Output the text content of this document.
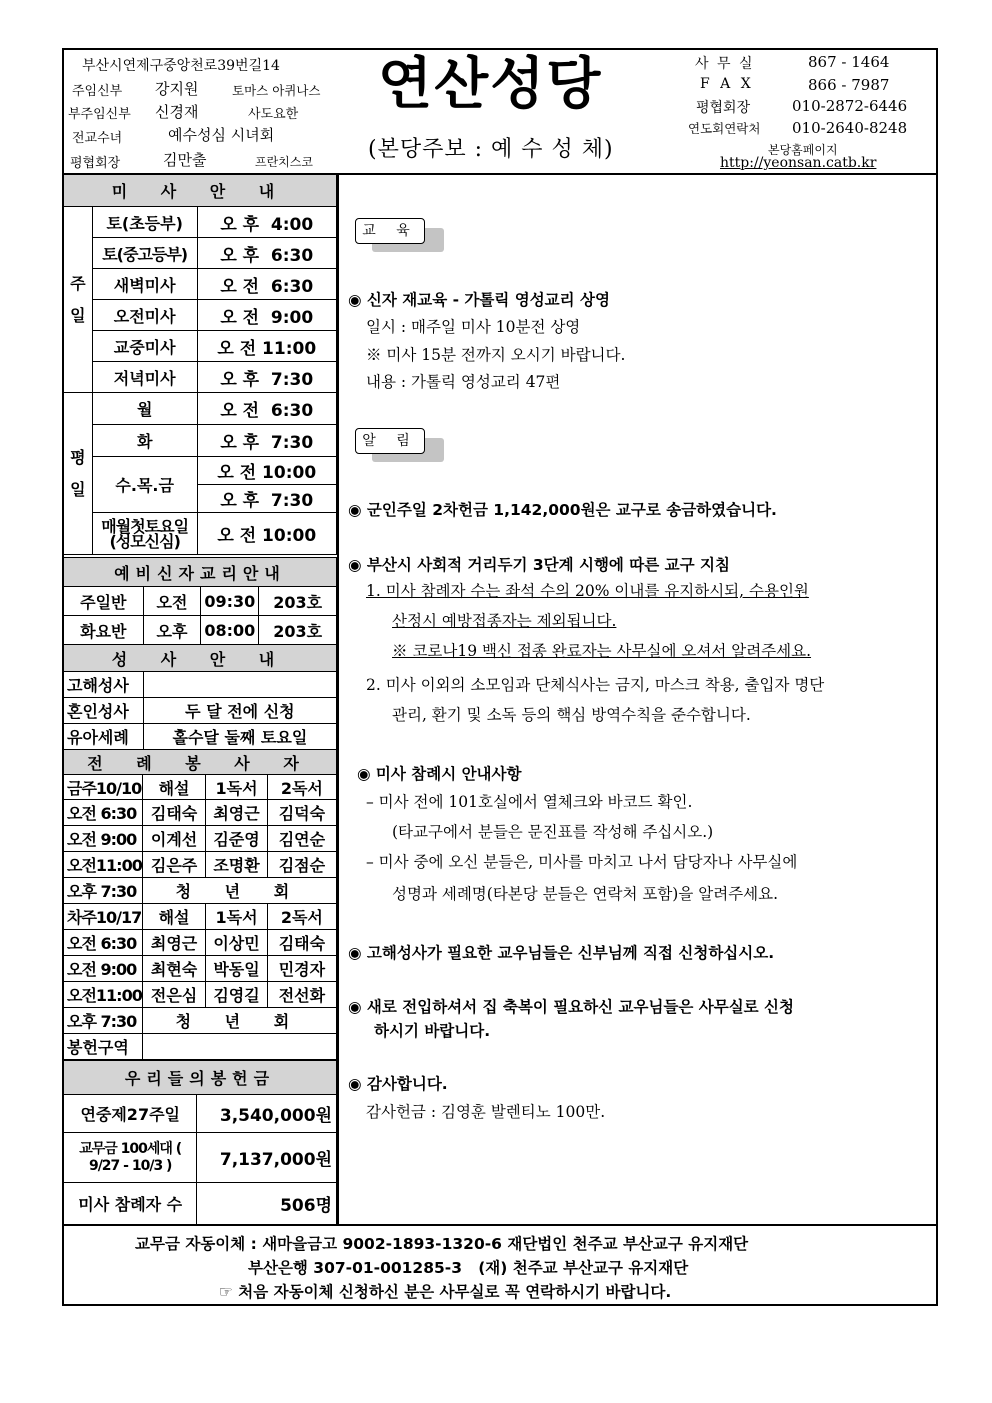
부산시연제구중앙천로39번길14
주임신부 강지원	토마스 아퀴나스
부주임신부 신경재	사도요한
전교수녀	예수성심 시녀회
평협회장	김만출	프란치스코
연산성당
(본당주보 : 예 수 성 체)
사 무 실	867 - 1464
F A X	866 - 7987
평협회장	010-2872-6446
연도회연락처 010-2640-8248
본당홈페이지
http://yeonsan.catb.kr
미 사 안 내		
주
일	토(초등부)	오 후  4:00
	토(중고등부)	오 후  6:30
	새벽미사	오 전  6:30
	오전미사	오 전  9:00
	교중미사	오 전 11:00
	저녁미사	오 후  7:30
평
일	월	오 전  6:30
	화	오 후  7:30
	수.목.금	오 전 10:00
		오 후  7:30
	매월첫토요일 (성모신심)	오 전 10:00
예비신자교리안내			
주일반	오전	09:30	203호
화요반	오후	08:00	203호
성 사 안 내	
고해성사	
혼인성사	두 달 전에 신청
유아세례	홀수달 둘째 토요일
전 례 봉 사 자			
금주10/10	해설	1독서	2독서
오전 6:30	김태숙	최영근	김덕숙
오전 9:00	이계선	김준영	김연순
오전11:00	김은주	조명환	김점순
오후 7:30	청 년 회		
차주10/17	해설	1독서	2독서
오전 6:30	최영근	이상민	김태숙
오전 9:00	최현숙	박동일	민경자
오전11:00	전은심	김영길	전선화
오후 7:30	청 년 회		
봉헌구역			
우리들의봉헌금	
연중제27주일	3,540,000원
교무금 100세대 ( 9/27 - 10/3 )	7,137,000원
미사 참례자 수	506명
교 육
◉ 신자 재교육 - 가톨릭 영성교리 상영
일시 : 매주일 미사 10분전 상영
※ 미사 15분 전까지 오시기 바랍니다.
내용 : 가톨릭 영성교리 47편
알 림
◉ 군인주일 2차헌금 1,142,000원은 교구로 송금하였습니다.
◉ 부산시 사회적 거리두기 3단계 시행에 따른 교구 지침
1. 미사 참례자 수는 좌석 수의 20% 이내를 유지하시되, 수용인원
산정시 예방접종자는 제외됩니다.
※ 코로나19 백신 접종 완료자는 사무실에 오셔서 알려주세요.
2. 미사 이외의 소모임과 단체식사는 금지, 마스크 착용, 출입자 명단
관리, 환기 및 소독 등의 핵심 방역수칙을 준수합니다.
◉ 미사 참례시 안내사항
– 미사 전에 101호실에서 열체크와 바코드 확인.
(타교구에서 분들은 문진표를 작성해 주십시오.)
– 미사 중에 오신 분들은, 미사를 마치고 나서 담당자나 사무실에
성명과 세례명(타본당 분들은 연락처 포함)을 알려주세요.
◉ 고해성사가 필요한 교우님들은 신부님께 직접 신청하십시오.
◉ 새로 전입하셔서 집 축복이 필요하신 교우님들은 사무실로 신청
하시기 바랍니다.
◉ 감사합니다.
감사헌금 : 김영훈 발렌티노 100만.
교무금 자동이체 : 새마을금고 9002-1893-1320-6 재단법인 천주교 부산교구 유지재단
부산은행 307-01-001285-3   (재) 천주교 부산교구 유지재단
☞ 처음 자동이체 신청하신 분은 사무실로 꼭 연락하시기 바랍니다.
